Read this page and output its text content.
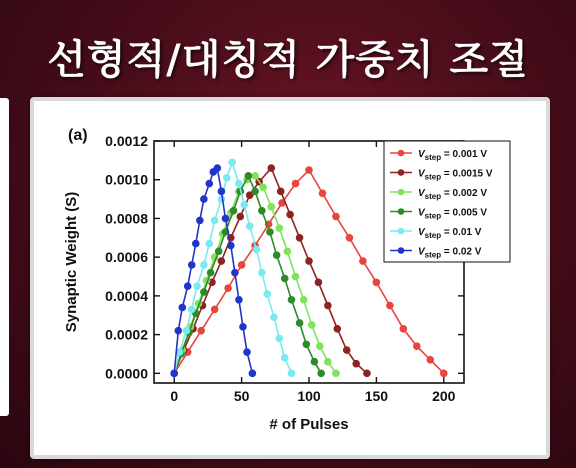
선형적/대칭적 가중치 조절
(a)
0	50	100	150	200
0.0000
0.0002
0.0004
0.0006
0.0008
0.0010
0.0012
$V_{step} = 0.001$ V
$V_{step} = 0.0015$ V
$V_{step} = 0.002$ V
$V_{step} = 0.005$ V
$V_{step} = 0.01$ V
$V_{step} = 0.02$ V
# of Pulses
Synaptic Weight (S)
